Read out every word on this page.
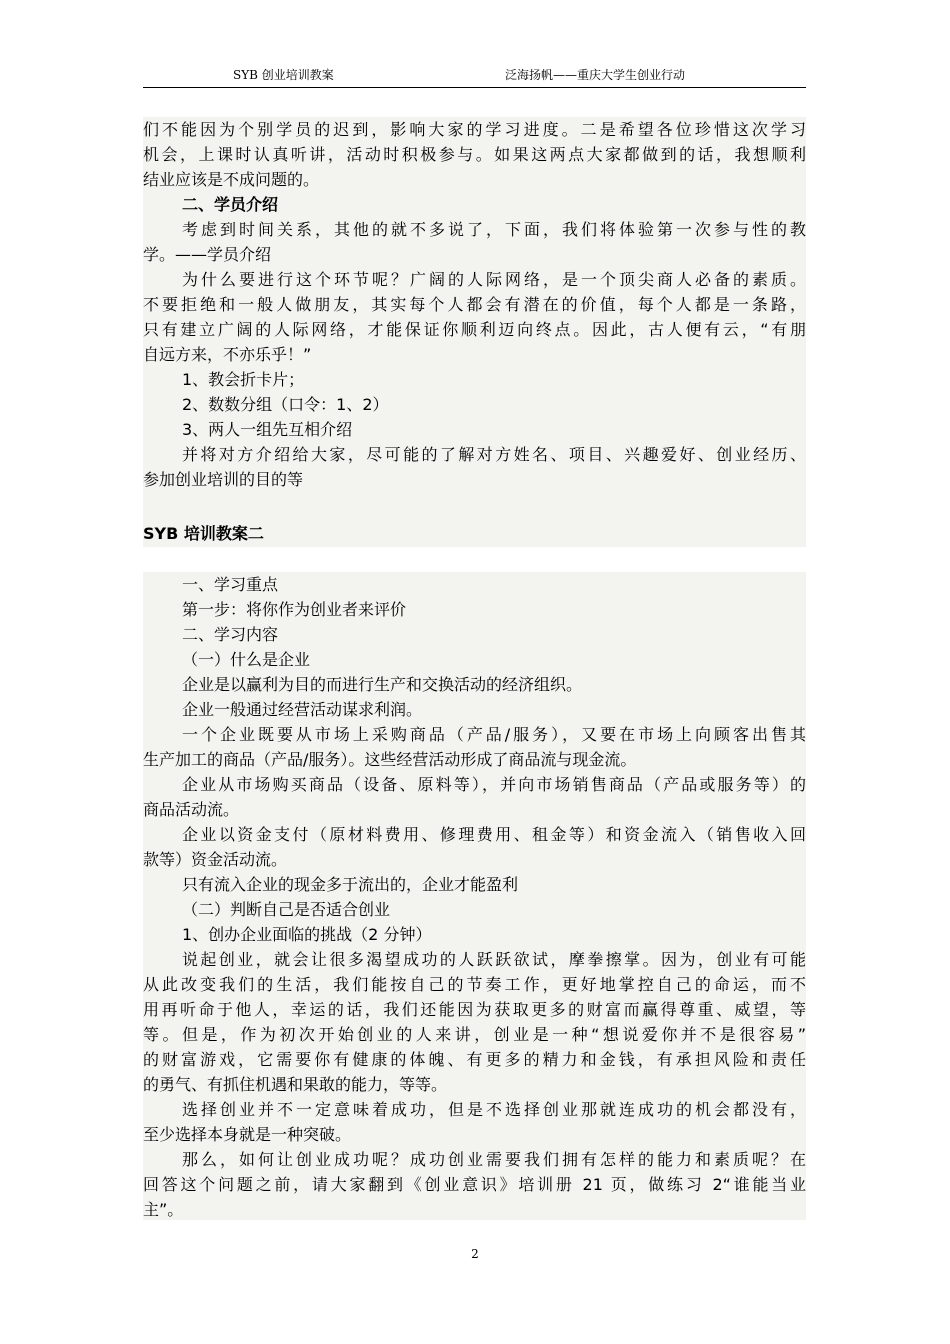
SYB 创业培训教案	泛海扬帆——重庆大学生创业行动
们不能因为个别学员的迟到，影响大家的学习进度。二是希望各位珍惜这次学习
机会，上课时认真听讲，活动时积极参与。如果这两点大家都做到的话，我想顺利
结业应该是不成问题的。
二、学员介绍
考虑到时间关系，其他的就不多说了，下面，我们将体验第一次参与性的教
学。——学员介绍
为什么要进行这个环节呢？广阔的人际网络，是一个顶尖商人必备的素质。
不要拒绝和一般人做朋友，其实每个人都会有潜在的价值，每个人都是一条路，
只有建立广阔的人际网络，才能保证你顺利迈向终点。因此，古人便有云，“有朋
自远方来，不亦乐乎！”
1、教会折卡片；
2、数数分组（口令：1、2）
3、两人一组先互相介绍
并将对方介绍给大家，尽可能的了解对方姓名、项目、兴趣爱好、创业经历、
参加创业培训的目的等
SYB 培训教案二
一、学习重点
第一步：将你作为创业者来评价
二、学习内容
（一）什么是企业
企业是以赢利为目的而进行生产和交换活动的经济组织。
企业一般通过经营活动谋求利润。
一个企业既要从市场上采购商品（产品/服务），又要在市场上向顾客出售其
生产加工的商品（产品/服务）。这些经营活动形成了商品流与现金流。
企业从市场购买商品（设备、原料等），并向市场销售商品（产品或服务等）的
商品活动流。
企业以资金支付（原材料费用、修理费用、租金等）和资金流入（销售收入回
款等）资金活动流。
只有流入企业的现金多于流出的，企业才能盈利
（二）判断自己是否适合创业
1、创办企业面临的挑战（2 分钟）
说起创业，就会让很多渴望成功的人跃跃欲试，摩拳擦掌。因为，创业有可能
从此改变我们的生活，我们能按自己的节奏工作，更好地掌控自己的命运，而不
用再听命于他人，幸运的话，我们还能因为获取更多的财富而赢得尊重、威望，等
等。但是，作为初次开始创业的人来讲，创业是一种“想说爱你并不是很容易”
的财富游戏，它需要你有健康的体魄、有更多的精力和金钱，有承担风险和责任
的勇气、有抓住机遇和果敢的能力，等等。
选择创业并不一定意味着成功，但是不选择创业那就连成功的机会都没有，
至少选择本身就是一种突破。
那么，如何让创业成功呢？成功创业需要我们拥有怎样的能力和素质呢？在
回答这个问题之前，请大家翻到《创业意识》培训册 21 页，做练习 2“谁能当业
主”。
2
